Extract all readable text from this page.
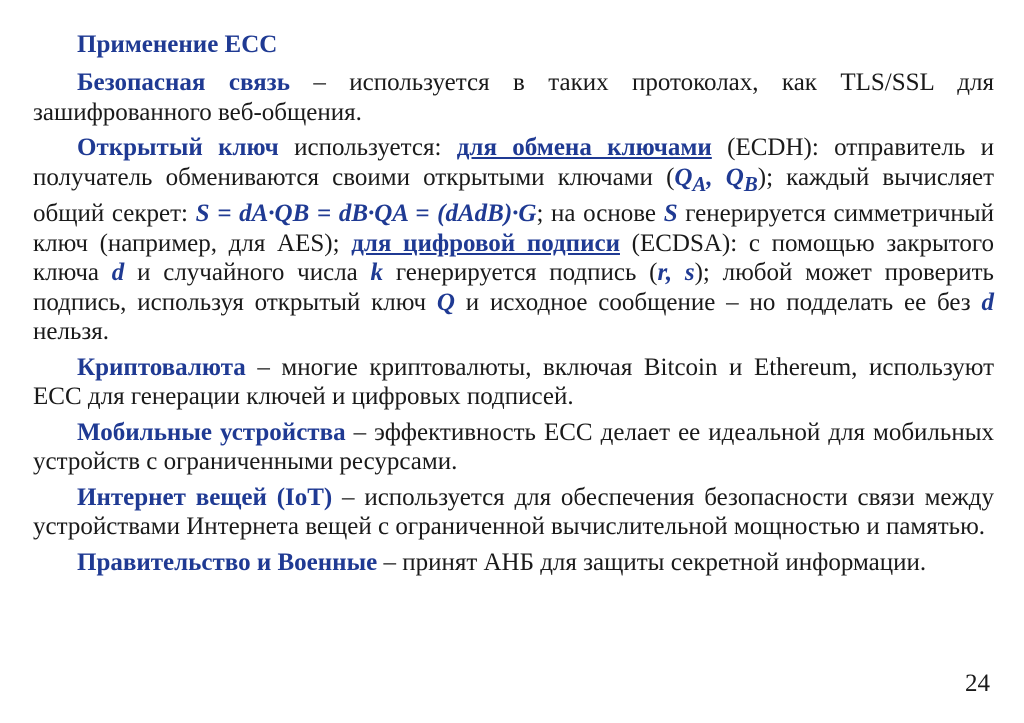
Применение ECC

Безопасная связь – используется в таких протоколах, как TLS/SSL для зашифрованного веб-общения.

Открытый ключ используется: для обмена ключами (ECDH): отправитель и получатель обмениваются своими открытыми ключами ($Q_A$, $Q_B$); каждый вычисляет общий секрет: S = dA·QB = dB·QA = (dAdB)·G; на основе S генерируется симметричный ключ (например, для AES); для цифровой подписи (ECDSA): с помощью закрытого ключа d и случайного числа k генерируется подпись (r, s); любой может проверить подпись, используя открытый ключ Q и исходное сообщение – но подделать ее без d нельзя.

Криптовалюта – многие криптовалюты, включая Bitcoin и Ethereum, используют ECC для генерации ключей и цифровых подписей.

Мобильные устройства – эффективность ECC делает ее идеальной для мобильных устройств с ограниченными ресурсами.

Интернет вещей (IoT) – используется для обеспечения безопасности связи между устройствами Интернета вещей с ограниченной вычислительной мощностью и памятью.

Правительство и Военные – принят АНБ для защиты секретной информации.

24
